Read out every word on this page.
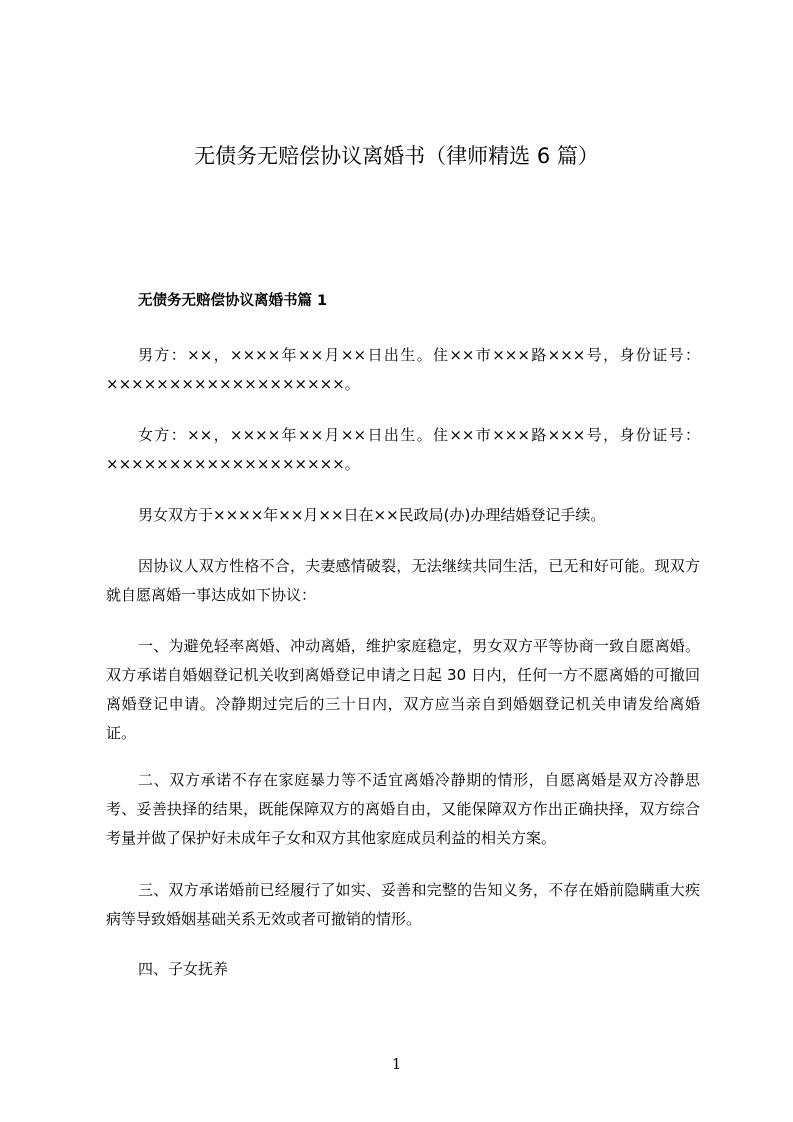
无债务无赔偿协议离婚书（律师精选 6 篇）
无债务无赔偿协议离婚书篇 1

男方：××，××××年××月××日出生。住××市×××路×××号，身份证号：×××××××××××××××××××。

女方：××，××××年××月××日出生。住××市×××路×××号，身份证号：×××××××××××××××××××。

男女双方于××××年××月××日在××民政局(办)办理结婚登记手续。

因协议人双方性格不合，夫妻感情破裂，无法继续共同生活，已无和好可能。现双方就自愿离婚一事达成如下协议：

一、为避免轻率离婚、冲动离婚，维护家庭稳定，男女双方平等协商一致自愿离婚。双方承诺自婚姻登记机关收到离婚登记申请之日起 30 日内，任何一方不愿离婚的可撤回离婚登记申请。冷静期过完后的三十日内，双方应当亲自到婚姻登记机关申请发给离婚证。

二、双方承诺不存在家庭暴力等不适宜离婚冷静期的情形，自愿离婚是双方冷静思考、妥善抉择的结果，既能保障双方的离婚自由，又能保障双方作出正确抉择，双方综合考量并做了保护好未成年子女和双方其他家庭成员利益的相关方案。

三、双方承诺婚前已经履行了如实、妥善和完整的告知义务，不存在婚前隐瞒重大疾病等导致婚姻基础关系无效或者可撤销的情形。

四、子女抚养

1
